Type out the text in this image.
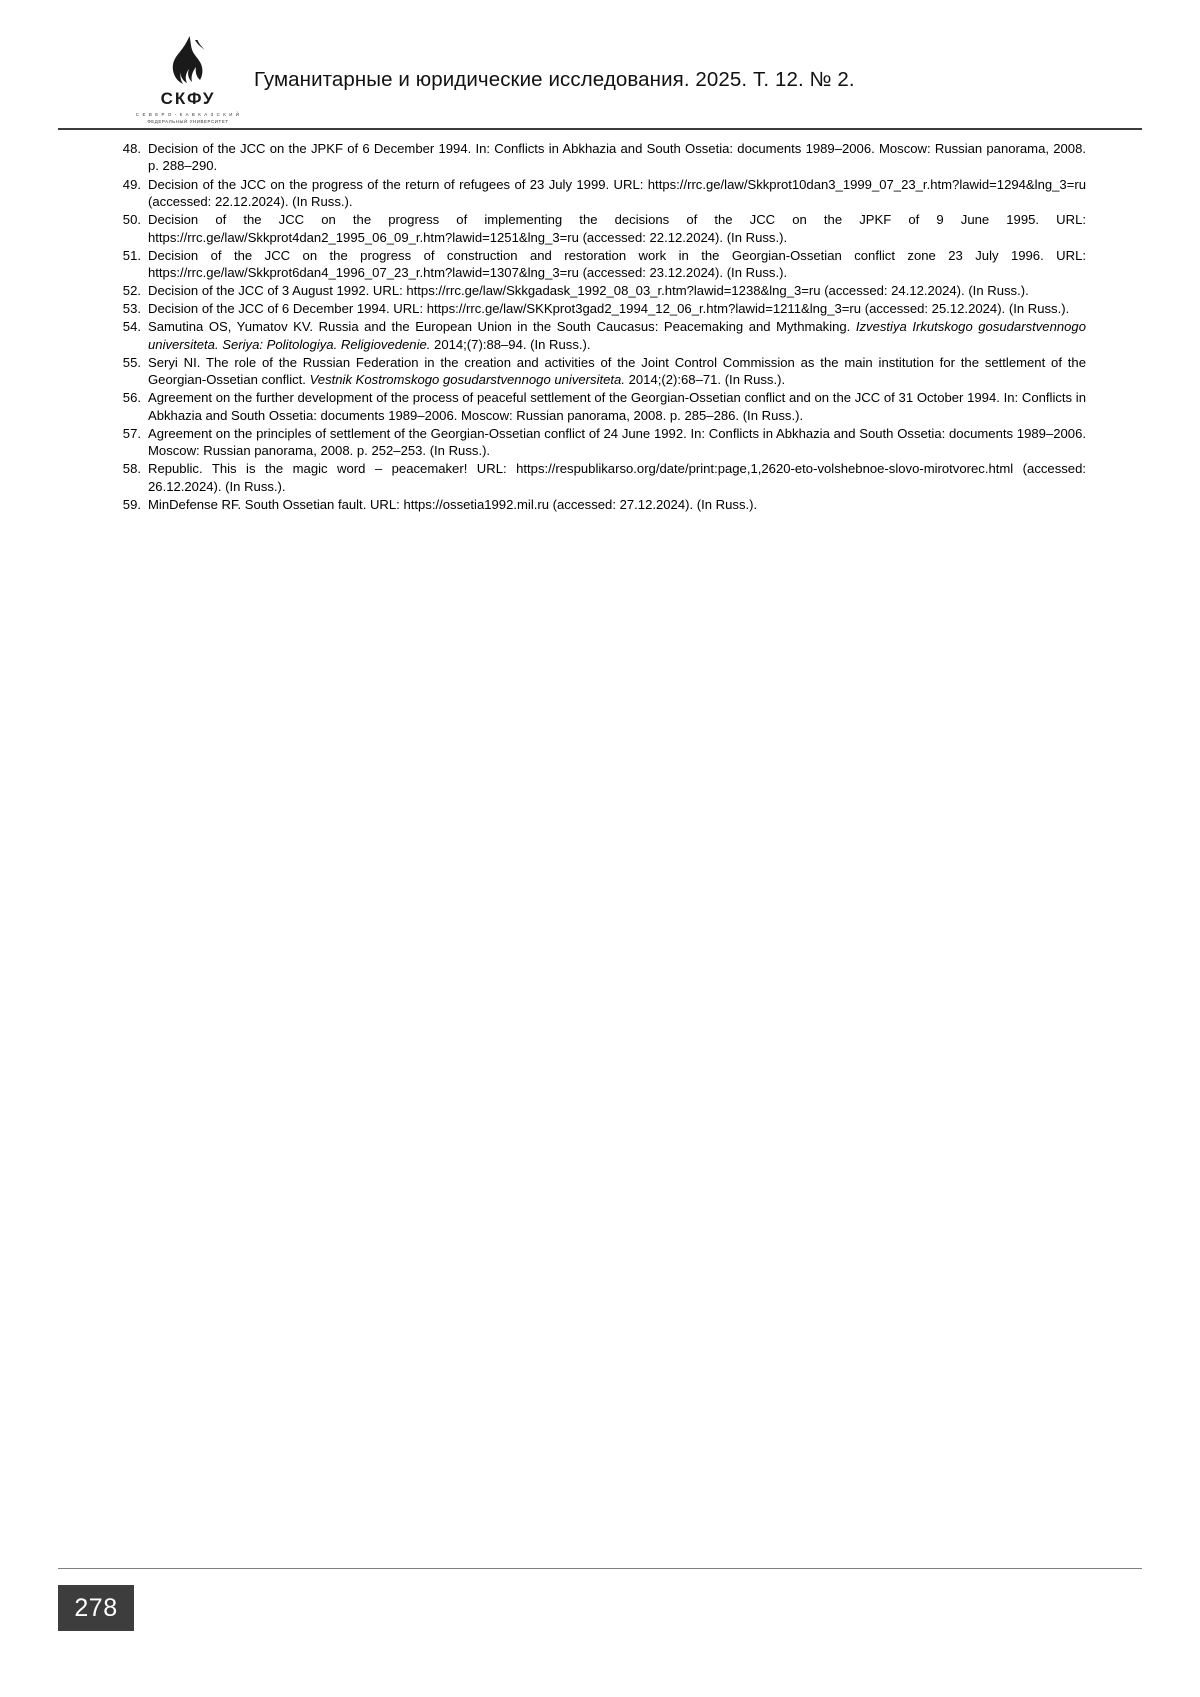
СКФУ
С Е В Е Р О - К А В К А З С К И Й
ФЕДЕРАЛЬНЫЙ УНИВЕРСИТЕТ
Гуманитарные и юридические исследования. 2025. Т. 12. № 2.
48. Decision of the JCC on the JPKF of 6 December 1994. In: Conflicts in Abkhazia and South Ossetia: documents 1989–2006. Moscow: Russian panorama, 2008. p. 288–290.
49. Decision of the JCC on the progress of the return of refugees of 23 July 1999. URL: https://rrc.ge/law/Skkprot10dan3_1999_07_23_r.htm?lawid=1294&lng_3=ru (accessed: 22.12.2024). (In Russ.).
50. Decision of the JCC on the progress of implementing the decisions of the JCC on the JPKF of 9 June 1995. URL: https://rrc.ge/law/Skkprot4dan2_1995_06_09_r.htm?lawid=1251&lng_3=ru (accessed: 22.12.2024). (In Russ.).
51. Decision of the JCC on the progress of construction and restoration work in the Georgian-Ossetian conflict zone 23 July 1996. URL: https://rrc.ge/law/Skkprot6dan4_1996_07_23_r.htm?lawid=1307&lng_3=ru (accessed: 23.12.2024). (In Russ.).
52. Decision of the JCC of 3 August 1992. URL: https://rrc.ge/law/Skkgadask_1992_08_03_r.htm?lawid=1238&lng_3=ru (accessed: 24.12.2024). (In Russ.).
53. Decision of the JCC of 6 December 1994. URL: https://rrc.ge/law/SKKprot3gad2_1994_12_06_r.htm?lawid=1211&lng_3=ru (accessed: 25.12.2024). (In Russ.).
54. Samutina OS, Yumatov KV. Russia and the European Union in the South Caucasus: Peacemaking and Mythmaking. Izvestiya Irkutskogo gosudarstvennogo universiteta. Seriya: Politologiya. Religiovedenie. 2014;(7):88–94. (In Russ.).
55. Seryi NI. The role of the Russian Federation in the creation and activities of the Joint Control Commission as the main institution for the settlement of the Georgian-Ossetian conflict. Vestnik Kostromskogo gosudarstvennogo universiteta. 2014;(2):68–71. (In Russ.).
56. Agreement on the further development of the process of peaceful settlement of the Georgian-Ossetian conflict and on the JCC of 31 October 1994. In: Conflicts in Abkhazia and South Ossetia: documents 1989–2006. Moscow: Russian panorama, 2008. p. 285–286. (In Russ.).
57. Agreement on the principles of settlement of the Georgian-Ossetian conflict of 24 June 1992. In: Conflicts in Abkhazia and South Ossetia: documents 1989–2006. Moscow: Russian panorama, 2008. p. 252–253. (In Russ.).
58. Republic. This is the magic word – peacemaker! URL: https://respublikarso.org/date/print:page,1,2620-eto-volshebnoe-slovo-mirotvorec.html (accessed: 26.12.2024). (In Russ.).
59. MinDefense RF. South Ossetian fault. URL: https://ossetia1992.mil.ru (accessed: 27.12.2024). (In Russ.).
278
